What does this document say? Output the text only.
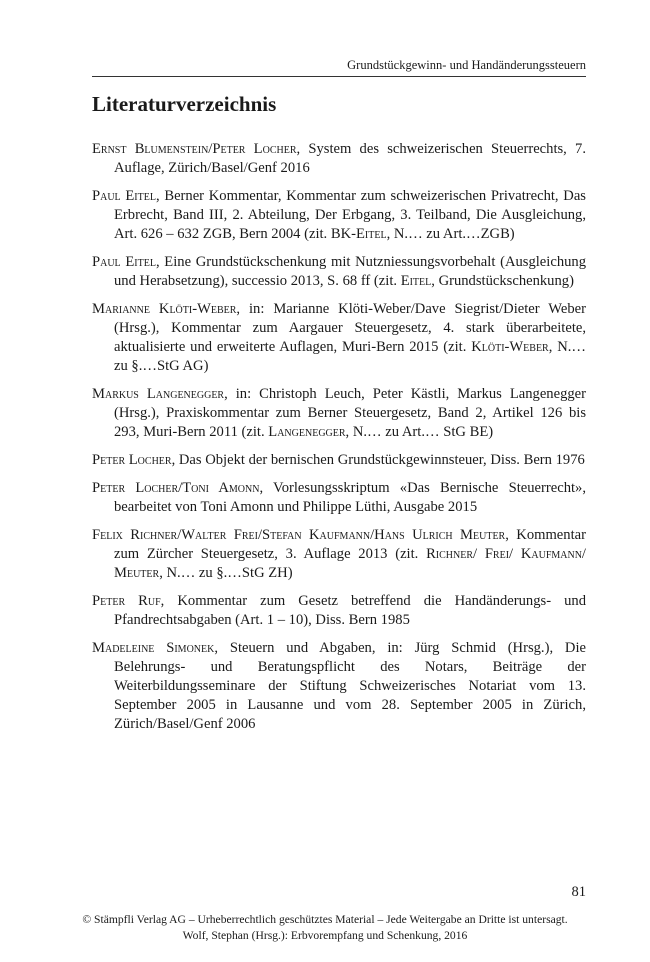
Grundstückgewinn- und Handänderungssteuern
Literaturverzeichnis

Ernst Blumenstein/Peter Locher, System des schweizerischen Steuerrechts, 7. Auflage, Zürich/Basel/Genf 2016

Paul Eitel, Berner Kommentar, Kommentar zum schweizerischen Privatrecht, Das Erbrecht, Band III, 2. Abteilung, Der Erbgang, 3. Teilband, Die Ausgleichung, Art. 626 – 632 ZGB, Bern 2004 (zit. BK-Eitel, N.… zu Art.…ZGB)

Paul Eitel, Eine Grundstückschenkung mit Nutzniessungsvorbehalt (Ausgleichung und Herabsetzung), successio 2013, S. 68 ff (zit. Eitel, Grundstückschenkung)

Marianne Klöti-Weber, in: Marianne Klöti-Weber/Dave Siegrist/Dieter Weber (Hrsg.), Kommentar zum Aargauer Steuergesetz, 4. stark überarbeitete, aktualisierte und erweiterte Auflagen, Muri-Bern 2015 (zit. Klöti-Weber, N.… zu §.…StG AG)

Markus Langenegger, in: Christoph Leuch, Peter Kästli, Markus Langenegger (Hrsg.), Praxiskommentar zum Berner Steuergesetz, Band 2, Artikel 126 bis 293, Muri-Bern 2011 (zit. Langenegger, N.… zu Art.… StG BE)

Peter Locher, Das Objekt der bernischen Grundstückgewinnsteuer, Diss. Bern 1976

Peter Locher/Toni Amonn, Vorlesungsskriptum «Das Bernische Steuerrecht», bearbeitet von Toni Amonn und Philippe Lüthi, Ausgabe 2015

Felix Richner/Walter Frei/Stefan Kaufmann/Hans Ulrich Meuter, Kommentar zum Zürcher Steuergesetz, 3. Auflage 2013 (zit. Richner/ Frei/ Kaufmann/ Meuter, N.… zu §.…StG ZH)

Peter Ruf, Kommentar zum Gesetz betreffend die Handänderungs- und Pfandrechtsabgaben (Art. 1 – 10), Diss. Bern 1985

Madeleine Simonek, Steuern und Abgaben, in: Jürg Schmid (Hrsg.), Die Belehrungs- und Beratungspflicht des Notars, Beiträge der Weiterbildungsseminare der Stiftung Schweizerisches Notariat vom 13. September 2005 in Lausanne und vom 28. September 2005 in Zürich, Zürich/Basel/Genf 2006

81
© Stämpfli Verlag AG – Urheberrechtlich geschütztes Material – Jede Weitergabe an Dritte ist untersagt.
Wolf, Stephan (Hrsg.): Erbvorempfang und Schenkung, 2016
